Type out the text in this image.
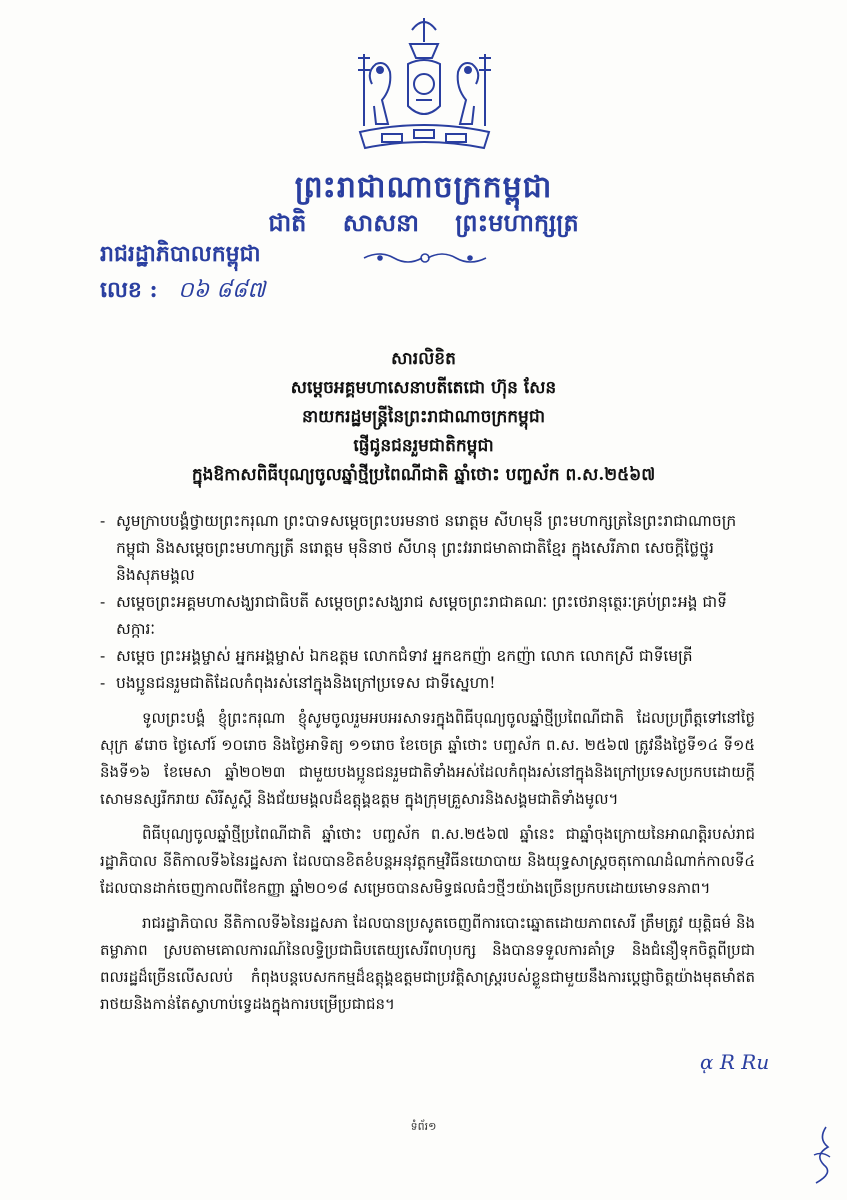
ព្រះរាជាណាចក្រកម្ពុជា
ជាតិ សាសនា ព្រះមហាក្សត្រ
រាជរដ្ឋាភិបាលកម្ពុជា
លេខ : ០៦ ៨៨៧
សារលិខិត
សម្តេចអគ្គមហាសេនាបតីតេជោ ហ៊ុន សែន
នាយករដ្ឋមន្ត្រីនៃព្រះរាជាណាចក្រកម្ពុជា
ផ្ញើជូនជនរួមជាតិកម្ពុជា
ក្នុងឱកាសពិធីបុណ្យចូលឆ្នាំថ្មីប្រពៃណីជាតិ ឆ្នាំថោះ បញ្ចស័ក ព.ស.២៥៦៧
- សូមក្រាបបង្គំថ្វាយព្រះករុណា ព្រះបាទសម្តេចព្រះបរមនាថ នរោត្តម សីហមុនី ព្រះមហាក្សត្រនៃព្រះរាជាណាចក្រកម្ពុជា និងសម្តេចព្រះមហាក្សត្រី នរោត្តម មុនិនាថ សីហនុ ព្រះវររាជមាតាជាតិខ្មែរ ក្នុងសេរីភាព សេចក្តីថ្លៃថ្នូរ និងសុភមង្គល
- សម្តេចព្រះអគ្គមហាសង្ឃរាជាធិបតី សម្តេចព្រះសង្ឃរាជ សម្តេចព្រះរាជាគណៈ ព្រះថេរានុត្ថេរៈគ្រប់ព្រះអង្គ ជាទីសក្ការៈ
- សម្តេច ព្រះអង្គម្ចាស់ អ្នកអង្គម្ចាស់ ឯកឧត្តម លោកជំទាវ អ្នកឧកញ៉ា ឧកញ៉ា លោក លោកស្រី ជាទីមេត្រី
- បងប្អូនជនរួមជាតិដែលកំពុងរស់នៅក្នុងនិងក្រៅប្រទេស ជាទីស្នេហា!

ទូលព្រះបង្គំ ខ្ញុំព្រះករុណា ខ្ញុំសូមចូលរួមអបអរសាទរក្នុងពិធីបុណ្យចូលឆ្នាំថ្មីប្រពៃណីជាតិ ដែលប្រព្រឹត្តទៅនៅថ្ងៃសុក្រ ៩រោច ថ្ងៃសៅរ៍ ១០រោច និងថ្ងៃអាទិត្យ ១១រោច ខែចេត្រ ឆ្នាំថោះ បញ្ចស័ក ព.ស. ២៥៦៧ ត្រូវនឹងថ្ងៃទី១៤ ទី១៥ និងទី១៦ ខែមេសា ឆ្នាំ២០២៣ ជាមួយបងប្អូនជនរួមជាតិទាំងអស់ដែលកំពុងរស់នៅក្នុងនិងក្រៅប្រទេសប្រកបដោយក្តីសោមនស្សរីករាយ សិរីសួស្តី និងជ័យមង្គលដ៏ឧត្តុង្គឧត្តម ក្នុងក្រុមគ្រួសារនិងសង្គមជាតិទាំងមូល។

ពិធីបុណ្យចូលឆ្នាំថ្មីប្រពៃណីជាតិ ឆ្នាំថោះ បញ្ចស័ក ព.ស.២៥៦៧ ឆ្នាំនេះ ជាឆ្នាំចុងក្រោយនៃអាណត្តិរបស់រាជរដ្ឋាភិបាល នីតិកាលទី៦នៃរដ្ឋសភា ដែលបានខិតខំបន្តអនុវត្តកម្មវិធីនយោបាយ និងយុទ្ធសាស្ត្រចតុកោណដំណាក់កាលទី៤ ដែលបានដាក់ចេញកាលពីខែកញ្ញា ឆ្នាំ២០១៨ សម្រេចបានសមិទ្ធផលធំៗថ្មីៗយ៉ាងច្រើនប្រកបដោយមោទនភាព។

រាជរដ្ឋាភិបាល នីតិកាលទី៦នៃរដ្ឋសភា ដែលបានប្រសូតចេញពីការបោះឆ្នោតដោយភាពសេរី ត្រឹមត្រូវ យុត្តិធម៌ និងតម្លាភាព ស្របតាមគោលការណ៍នៃលទ្ធិប្រជាធិបតេយ្យសេរីពហុបក្ស និងបានទទួលការគាំទ្រ និងជំនឿទុកចិត្តពីប្រជាពលរដ្ឋដ៏ច្រើនលើសលប់ កំពុងបន្តបេសកកម្មដ៏ឧត្តុង្គឧត្តមជាប្រវត្តិសាស្ត្ររបស់ខ្លួនជាមួយនឹងការប្តេជ្ញាចិត្តយ៉ាងមុតមាំឥតរាថយនិងកាន់តែស្វាហាប់ទ្វេដងក្នុងការបម្រើប្រជាជន។

ᾳ R Ru
ទំព័រ១
